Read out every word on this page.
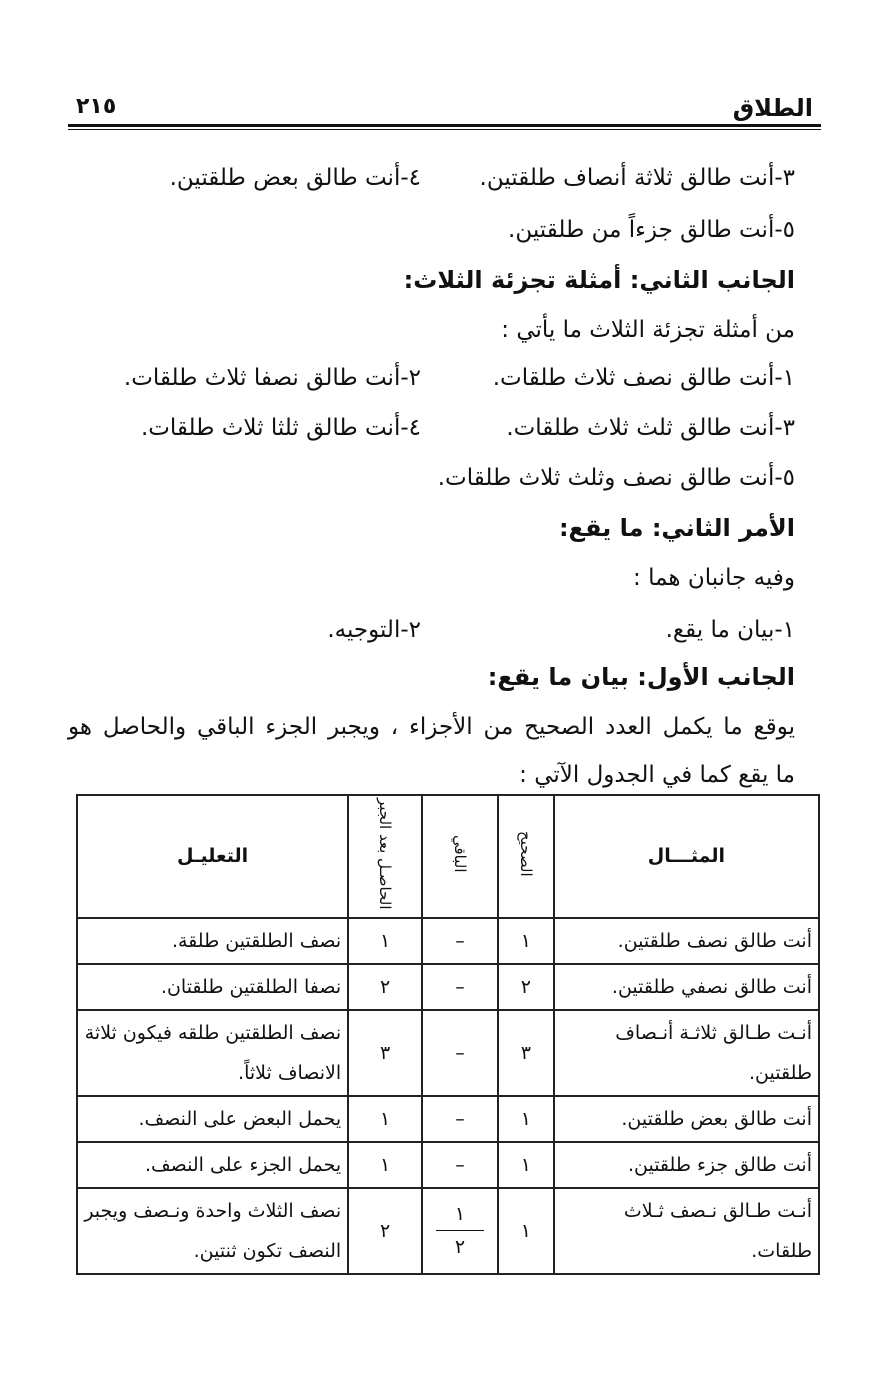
الطلاق
٢١٥
٣-أنت طالق ثلاثة أنصاف طلقتين.
٤-أنت طالق بعض طلقتين.
٥-أنت طالق جزءاً من طلقتين.
الجانب الثاني: أمثلة تجزئة الثلاث:
من أمثلة تجزئة الثلاث ما يأتي :
١-أنت طالق نصف ثلاث طلقات.
٢-أنت طالق نصفا ثلاث طلقات.
٣-أنت طالق ثلث ثلاث طلقات.
٤-أنت طالق ثلثا ثلاث طلقات.
٥-أنت طالق نصف وثلث ثلاث طلقات.
الأمر الثاني: ما يقع:
وفيه جانبان هما :
١-بيان ما يقع.
٢-التوجيه.
الجانب الأول: بيان ما يقع:
يوقع ما يكمل العدد الصحيح من الأجزاء ، ويجبر الجزء الباقي والحاصل هو
ما يقع كما في الجدول الآتي :
المثـــال	الصحيح	الباقي	الحاصـل بعد الجبر	التعليـل
أنت طالق نصف طلقتين.	١	–	١	نصف الطلقتين طلقة.
أنت طالق نصفي طلقتين.	٢	–	٢	نصفا الطلقتين طلقتان.
أنـت طـالق ثلاثـة أنـصاف طلقتين.	٣	–	٣	نصف الطلقتين طلقه فيكون ثلاثة الانصاف ثلاثاً.
أنت طالق بعض طلقتين.	١	–	١	يحمل البعض على النصف.
أنت طالق جزء طلقتين.	١	–	١	يحمل الجزء على النصف.
أنـت طـالق نـصف ثـلاث طلقات.	١	$\frac{١}{٢}$	٢	نصف الثلاث واحدة ونـصف ويجبر النصف تكون ثنتين.
